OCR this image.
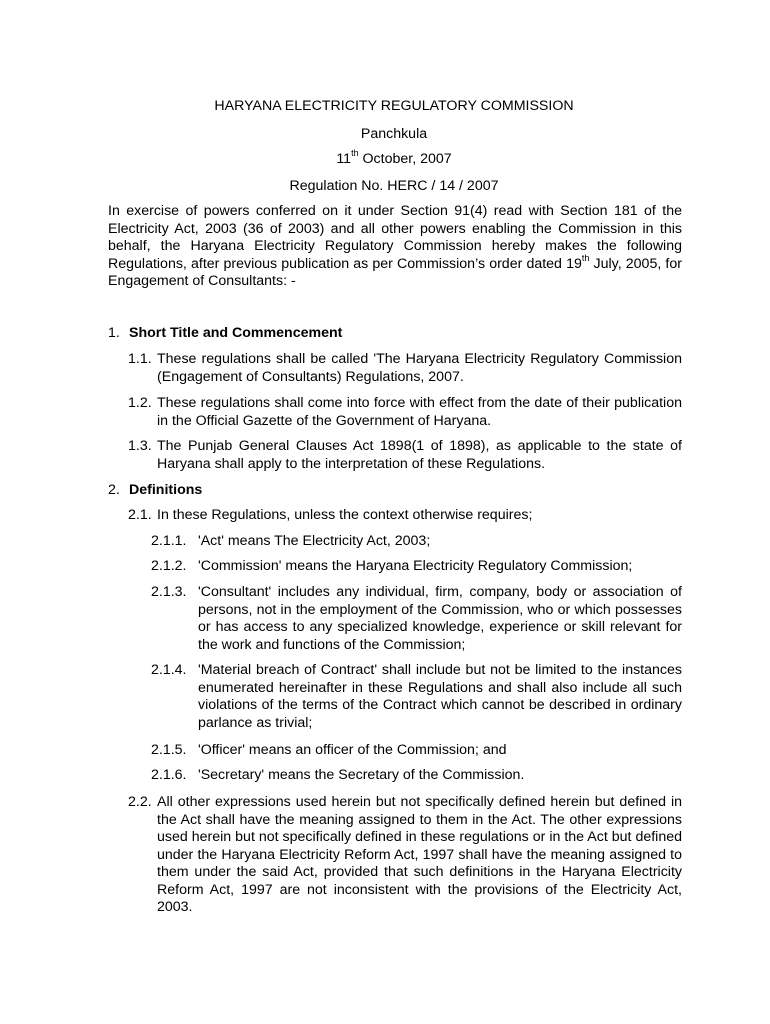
HARYANA ELECTRICITY REGULATORY COMMISSION
Panchkula
11th October, 2007
Regulation No. HERC / 14 / 2007
In exercise of powers conferred on it under Section 91(4) read with Section 181 of the Electricity Act, 2003 (36 of 2003) and all other powers enabling the Commission in this behalf, the Haryana Electricity Regulatory Commission hereby makes the following Regulations, after previous publication as per Commission’s order dated 19th July, 2005, for Engagement of Consultants: -
1. Short Title and Commencement
1.1. These regulations shall be called 'The Haryana Electricity Regulatory Commission (Engagement of Consultants) Regulations, 2007.
1.2. These regulations shall come into force with effect from the date of their publication in the Official Gazette of the Government of Haryana.
1.3. The Punjab General Clauses Act 1898(1 of 1898), as applicable to the state of Haryana shall apply to the interpretation of these Regulations.
2. Definitions
2.1. In these Regulations, unless the context otherwise requires;
2.1.1. 'Act' means The Electricity Act, 2003;
2.1.2. 'Commission' means the Haryana Electricity Regulatory Commission;
2.1.3. 'Consultant' includes any individual, firm, company, body or association of persons, not in the employment of the Commission, who or which possesses or has access to any specialized knowledge, experience or skill relevant for the work and functions of the Commission;
2.1.4. 'Material breach of Contract' shall include but not be limited to the instances enumerated hereinafter in these Regulations and shall also include all such violations of the terms of the Contract which cannot be described in ordinary parlance as trivial;
2.1.5. 'Officer' means an officer of the Commission; and
2.1.6. 'Secretary' means the Secretary of the Commission.
2.2. All other expressions used herein but not specifically defined herein but defined in the Act shall have the meaning assigned to them in the Act. The other expressions used herein but not specifically defined in these regulations or in the Act but defined under the Haryana Electricity Reform Act, 1997 shall have the meaning assigned to them under the said Act, provided that such definitions in the Haryana Electricity Reform Act, 1997 are not inconsistent with the provisions of the Electricity Act, 2003.
